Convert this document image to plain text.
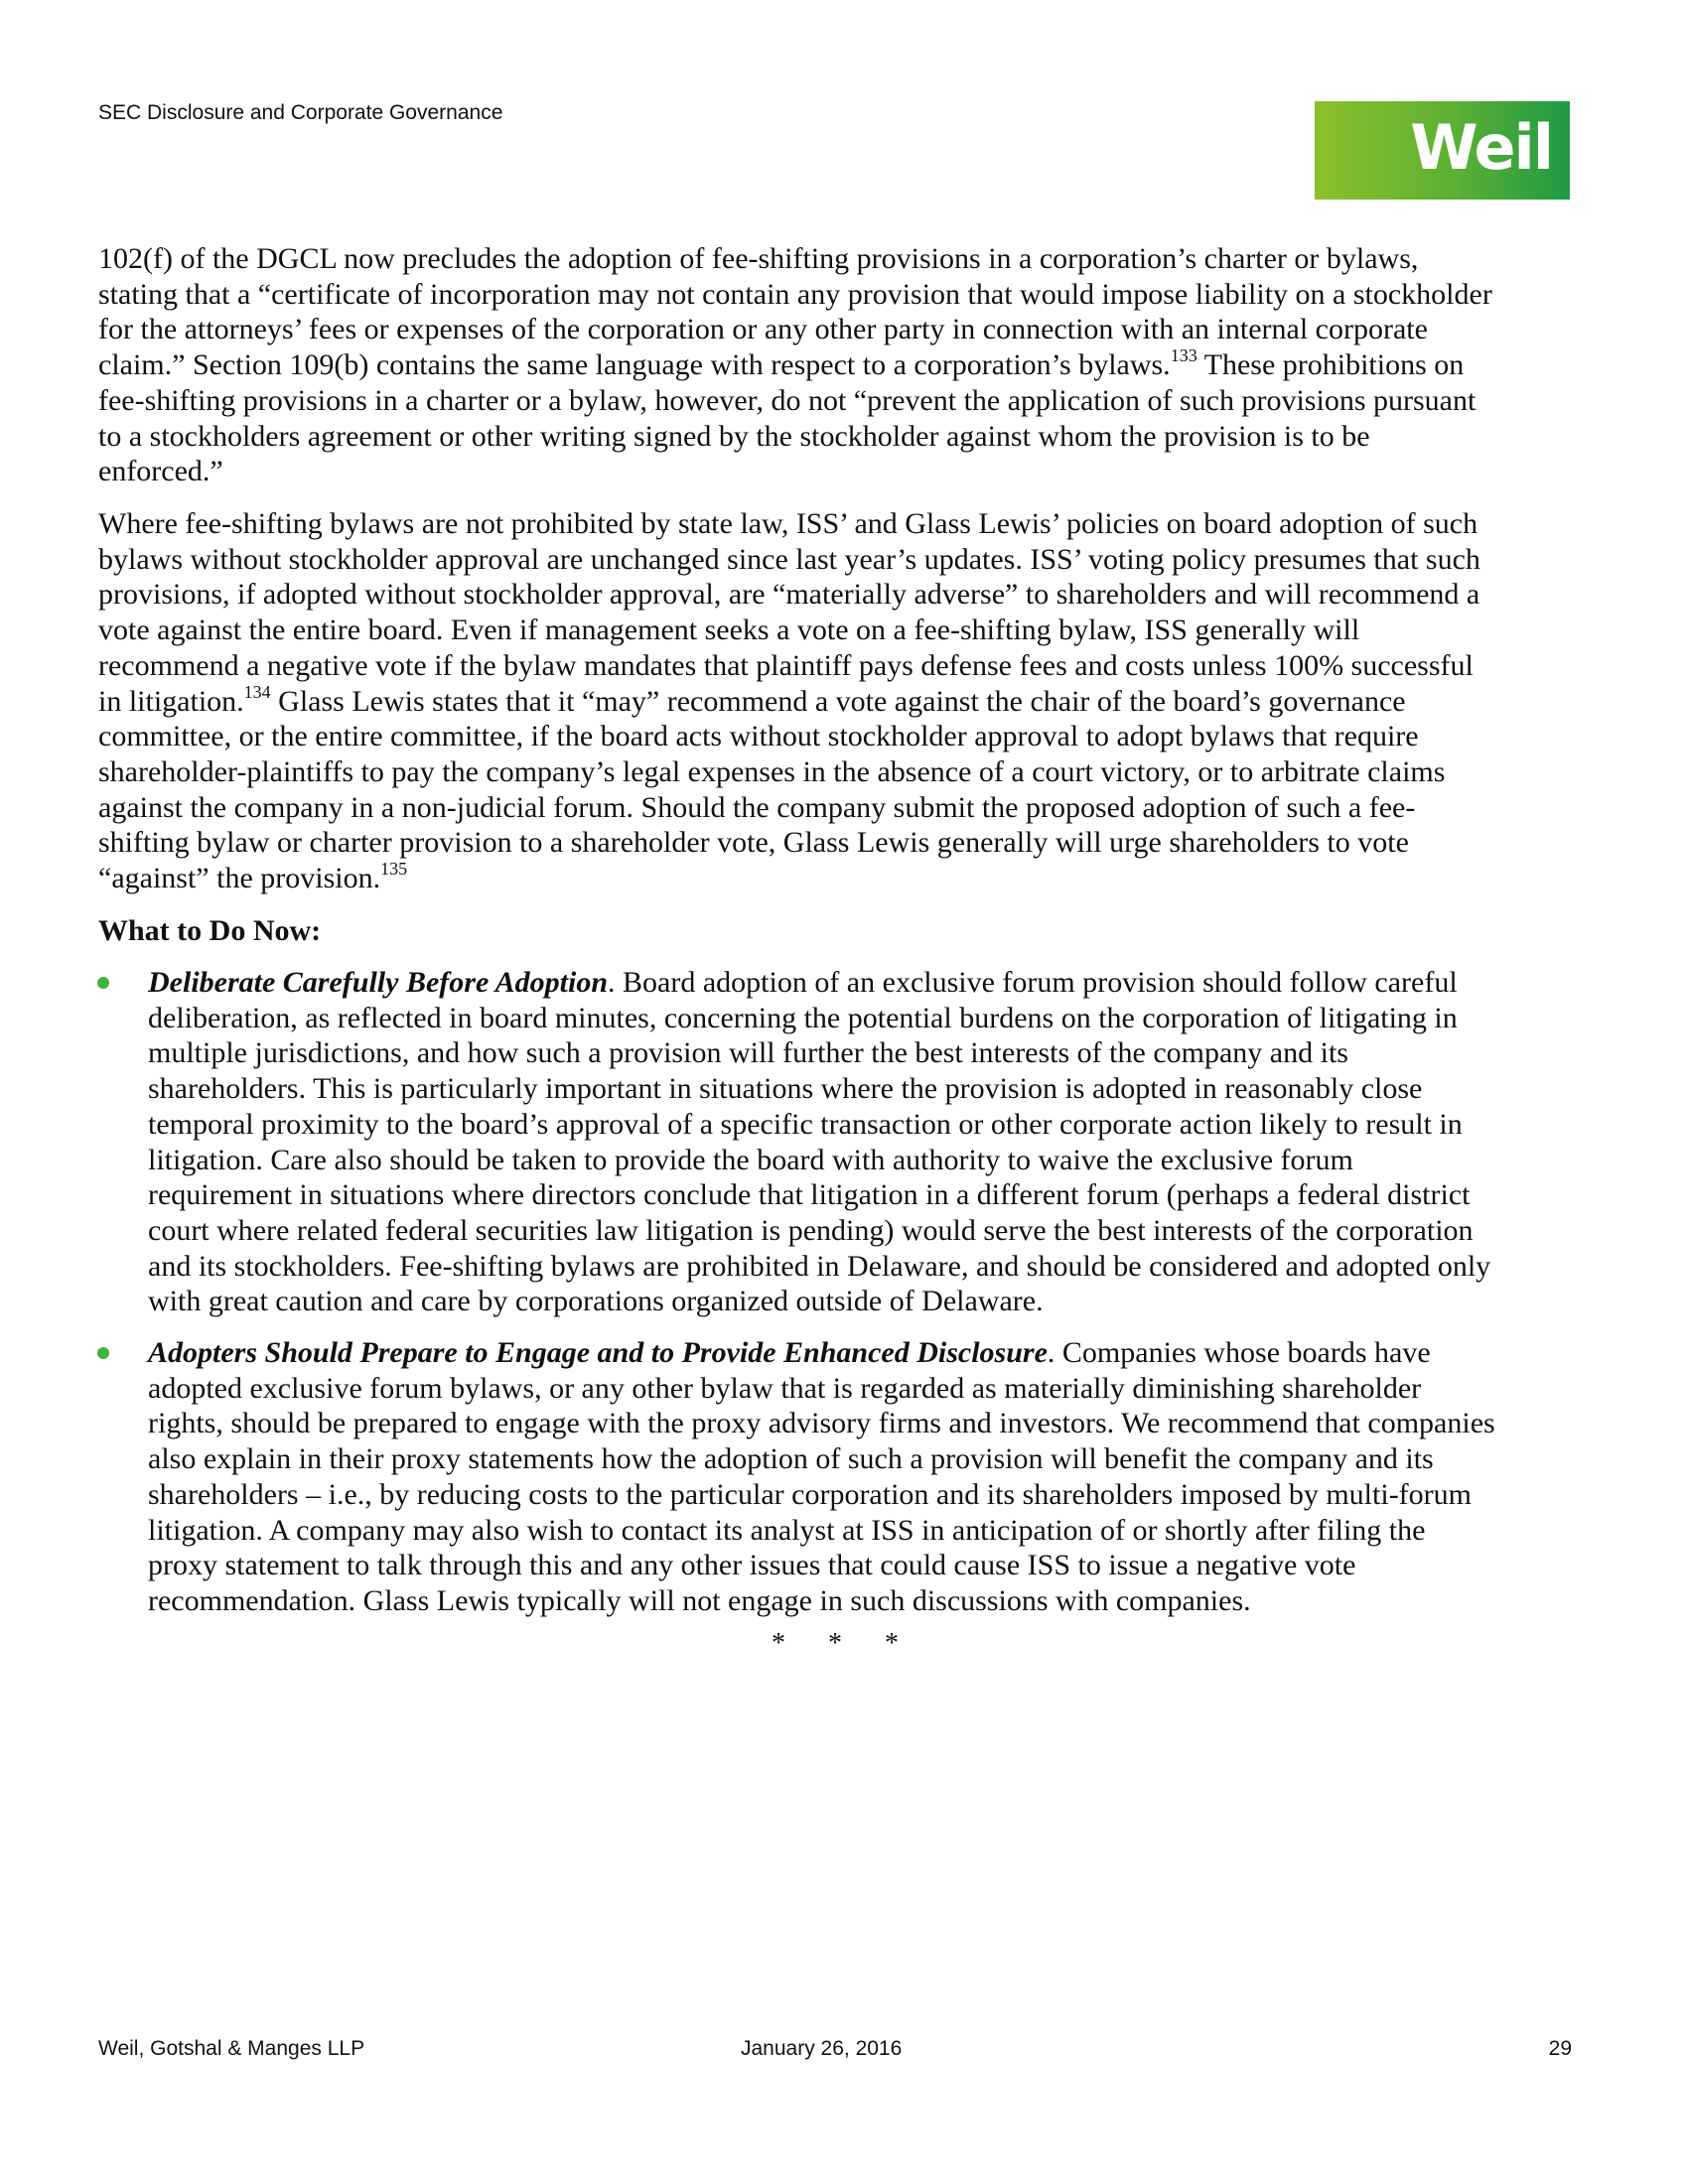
SEC Disclosure and Corporate Governance	Weil
102(f) of the DGCL now precludes the adoption of fee-shifting provisions in a corporation’s charter or bylaws,
stating that a “certificate of incorporation may not contain any provision that would impose liability on a stockholder
for the attorneys’ fees or expenses of the corporation or any other party in connection with an internal corporate
claim.” Section 109(b) contains the same language with respect to a corporation’s bylaws.$^{133}$ These prohibitions on
fee-shifting provisions in a charter or a bylaw, however, do not “prevent the application of such provisions pursuant
to a stockholders agreement or other writing signed by the stockholder against whom the provision is to be
enforced.”
Where fee-shifting bylaws are not prohibited by state law, ISS’ and Glass Lewis’ policies on board adoption of such
bylaws without stockholder approval are unchanged since last year’s updates. ISS’ voting policy presumes that such
provisions, if adopted without stockholder approval, are “materially adverse” to shareholders and will recommend a
vote against the entire board. Even if management seeks a vote on a fee-shifting bylaw, ISS generally will
recommend a negative vote if the bylaw mandates that plaintiff pays defense fees and costs unless 100% successful
in litigation.$^{134}$ Glass Lewis states that it “may” recommend a vote against the chair of the board’s governance
committee, or the entire committee, if the board acts without stockholder approval to adopt bylaws that require
shareholder-plaintiffs to pay the company’s legal expenses in the absence of a court victory, or to arbitrate claims
against the company in a non-judicial forum. Should the company submit the proposed adoption of such a fee-
shifting bylaw or charter provision to a shareholder vote, Glass Lewis generally will urge shareholders to vote
“against” the provision.$^{135}$
What to Do Now:
Deliberate Carefully Before Adoption. Board adoption of an exclusive forum provision should follow careful
deliberation, as reflected in board minutes, concerning the potential burdens on the corporation of litigating in
multiple jurisdictions, and how such a provision will further the best interests of the company and its
shareholders. This is particularly important in situations where the provision is adopted in reasonably close
temporal proximity to the board’s approval of a specific transaction or other corporate action likely to result in
litigation. Care also should be taken to provide the board with authority to waive the exclusive forum
requirement in situations where directors conclude that litigation in a different forum (perhaps a federal district
court where related federal securities law litigation is pending) would serve the best interests of the corporation
and its stockholders. Fee-shifting bylaws are prohibited in Delaware, and should be considered and adopted only
with great caution and care by corporations organized outside of Delaware.
Adopters Should Prepare to Engage and to Provide Enhanced Disclosure. Companies whose boards have
adopted exclusive forum bylaws, or any other bylaw that is regarded as materially diminishing shareholder
rights, should be prepared to engage with the proxy advisory firms and investors. We recommend that companies
also explain in their proxy statements how the adoption of such a provision will benefit the company and its
shareholders – i.e., by reducing costs to the particular corporation and its shareholders imposed by multi-forum
litigation. A company may also wish to contact its analyst at ISS in anticipation of or shortly after filing the
proxy statement to talk through this and any other issues that could cause ISS to issue a negative vote
recommendation. Glass Lewis typically will not engage in such discussions with companies.
* * *
Weil, Gotshal & Manges LLP	January 26, 2016	29
